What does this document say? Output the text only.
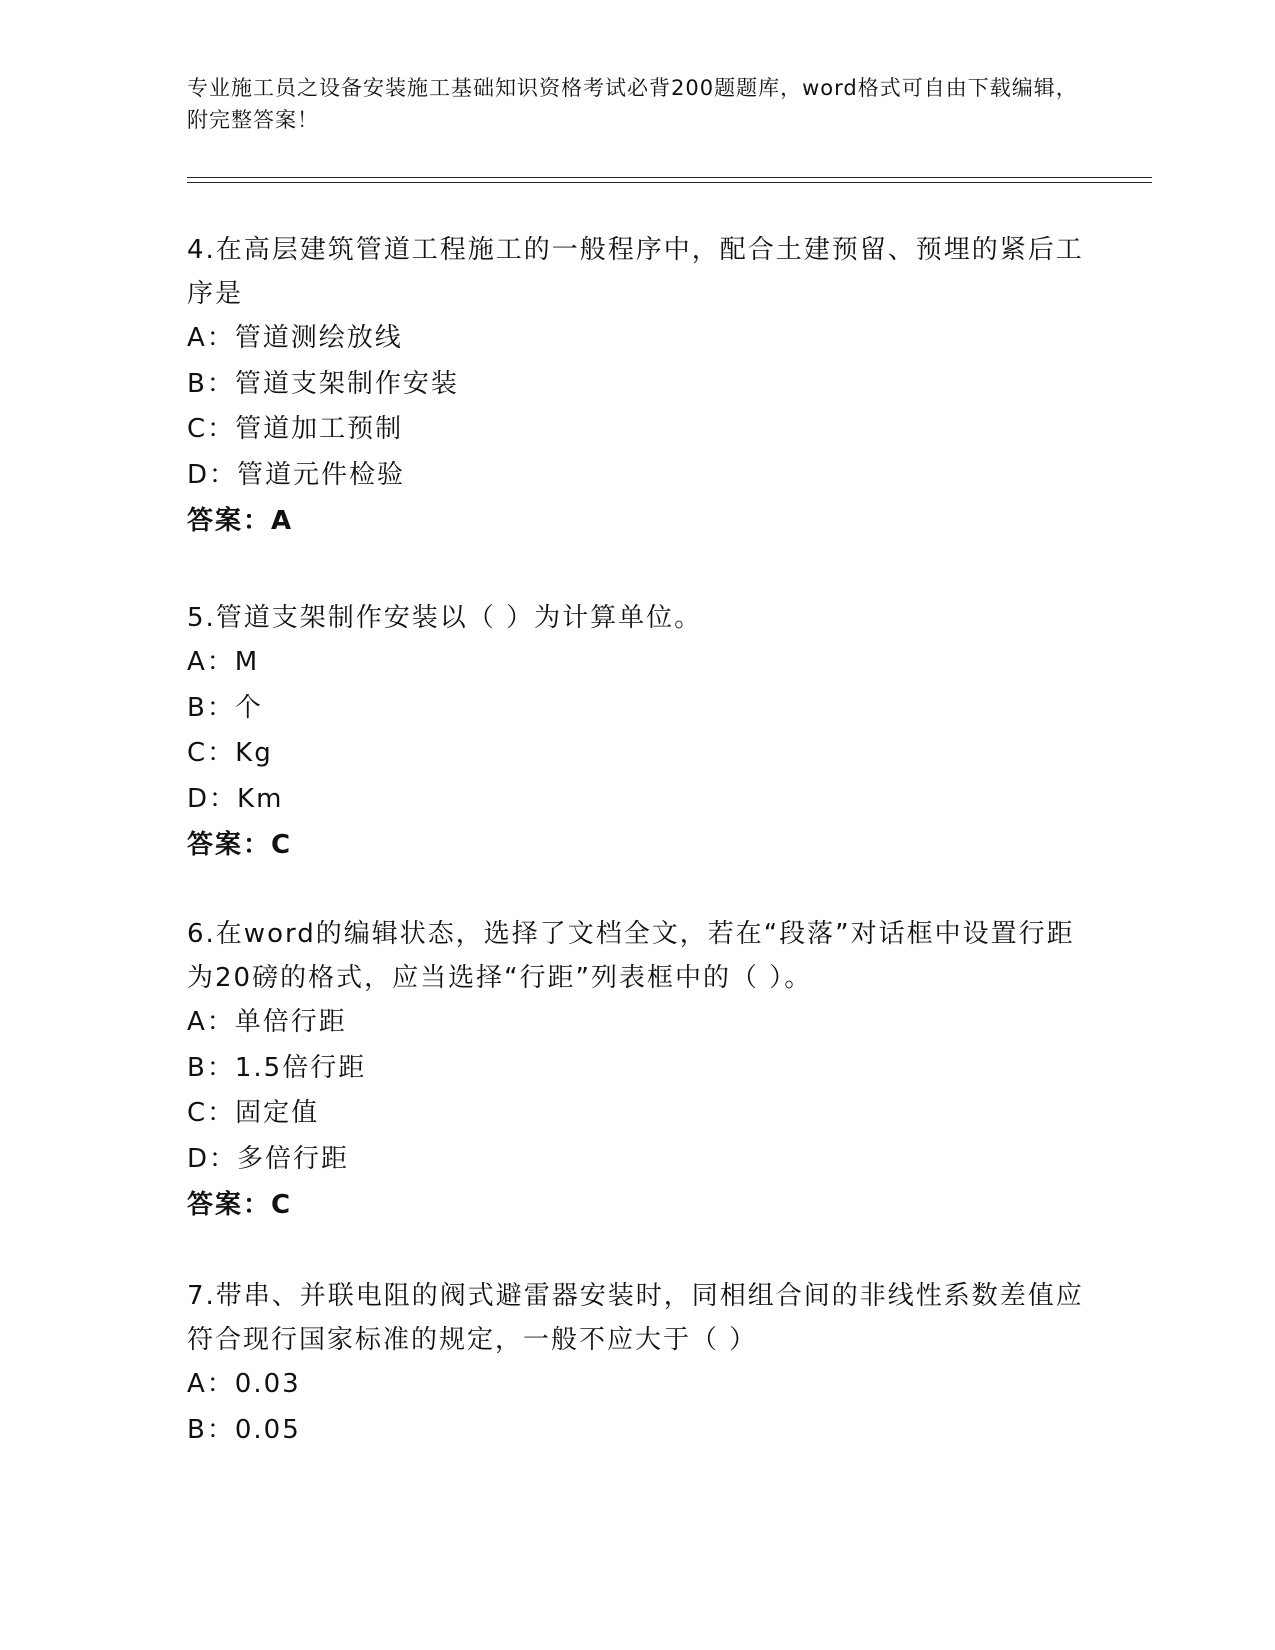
专业施工员之设备安装施工基础知识资格考试必背200题题库，word格式可自由下载编辑，附完整答案！

4.在高层建筑管道工程施工的一般程序中，配合土建预留、预埋的紧后工序是

A：管道测绘放线

B：管道支架制作安装

C：管道加工预制

D：管道元件检验

答案：A

5.管道支架制作安装以（ ）为计算单位。

A：M

B：个

C：Kg

D：Km

答案：C

6.在word的编辑状态，选择了文档全文，若在“段落”对话框中设置行距为20磅的格式，应当选择“行距”列表框中的（ ）。

A：单倍行距

B：1.5倍行距

C：固定值

D：多倍行距

答案：C

7.带串、并联电阻的阀式避雷器安装时，同相组合间的非线性系数差值应符合现行国家标准的规定，一般不应大于（ ）

A：0.03

B：0.05
